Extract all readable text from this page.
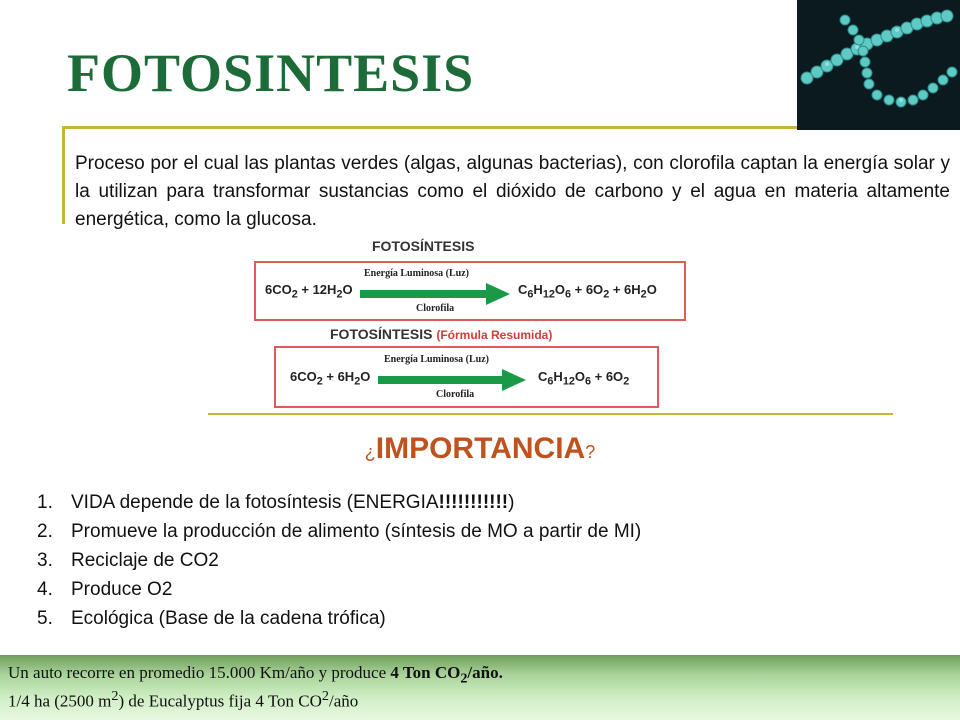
FOTOSINTESIS
Proceso por el cual las plantas verdes (algas, algunas bacterias), con clorofila captan la energía solar y la utilizan para transformar sustancias como el dióxido de carbono y el agua en materia altamente energética, como la glucosa.
FOTOSÍNTESIS
$6CO_2 + 12H_2O$
Energía Luminosa (Luz)
Clorofila
$C_6H_{12}O_6 + 6O_2 + 6H_2O$
FOTOSÍNTESIS (Fórmula Resumida)
$6CO_2 + 6H_2O$
Energía Luminosa (Luz)
Clorofila
$C_6H_{12}O_6 + 6O_2$
¿IMPORTANCIA?
1. VIDA depende de la fotosíntesis (ENERGIA!!!!!!!!!!!)
2. Promueve la producción de alimento (síntesis de MO a partir de MI)
3. Reciclaje de CO2
4. Produce O2
5. Ecológica (Base de la cadena trófica)
Un auto recorre en promedio 15.000 Km/año y produce 4 Ton $CO_2$/año.
1/4 ha (2500 $m^2$) de Eucalyptus fija 4 Ton $CO^2$/año
